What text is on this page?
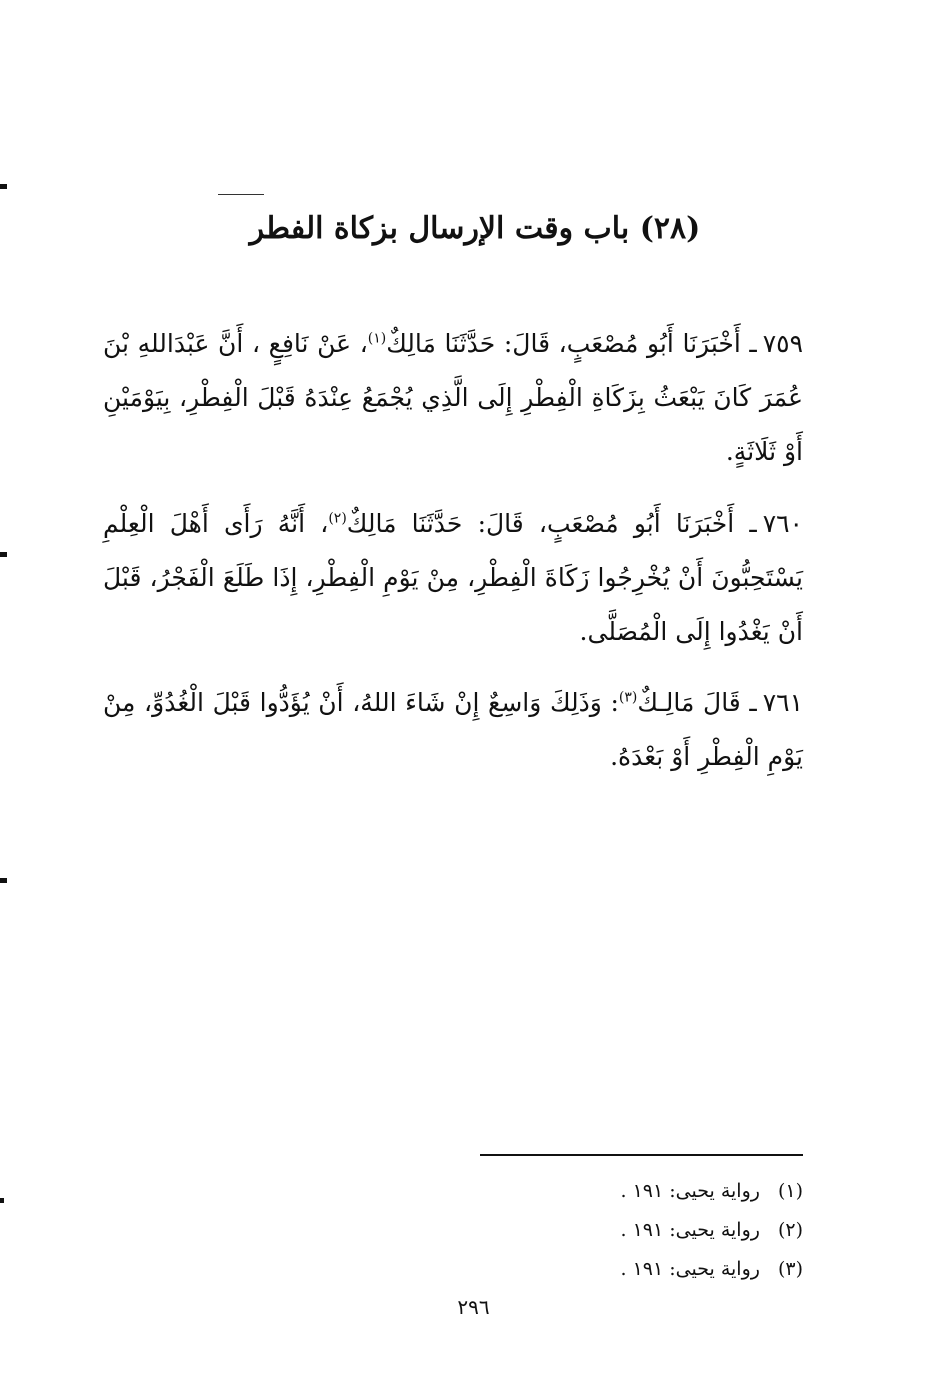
(٢٨) باب وقت الإرسال بزكاة الفطر

٧٥٩ـ أَخْبَرَنَا أَبُو مُصْعَبٍ، قَالَ: حَدَّثَنَا مَالِكٌ$^{(١)}$، عَنْ نَافِعٍ ، أَنَّ عَبْدَاللهِ بْنَ عُمَرَ كَانَ يَبْعَثُ بِزَكَاةِ الْفِطْرِ إِلَى الَّذِي يُجْمَعُ عِنْدَهُ قَبْلَ الْفِطْرِ، بِيَوْمَيْنِ أَوْ ثَلَاثَةٍ.

٧٦٠ـ أَخْبَرَنَا أَبُو مُصْعَبٍ، قَالَ: حَدَّثَنَا مَالِكٌ$^{(٢)}$، أَنَّهُ رَأَى أَهْلَ الْعِلْمِ يَسْتَحِبُّونَ أَنْ يُخْرِجُوا زَكَاةَ الْفِطْرِ، مِنْ يَوْمِ الْفِطْرِ، إِذَا طَلَعَ الْفَجْرُ، قَبْلَ أَنْ يَغْدُوا إِلَى الْمُصَلَّى.

٧٦١ـ قَالَ مَالِـكٌ$^{(٣)}$: وَذَلِكَ وَاسِعٌ إِنْ شَاءَ اللهُ، أَنْ يُؤَدُّوا قَبْلَ الْغُدُوِّ، مِنْ يَوْمِ الْفِطْرِ أَوْ بَعْدَهُ.

(١)
رواية يحيى: ١٩١ .
(٢)
رواية يحيى: ١٩١ .
(٣)
رواية يحيى: ١٩١ .
٢٩٦
